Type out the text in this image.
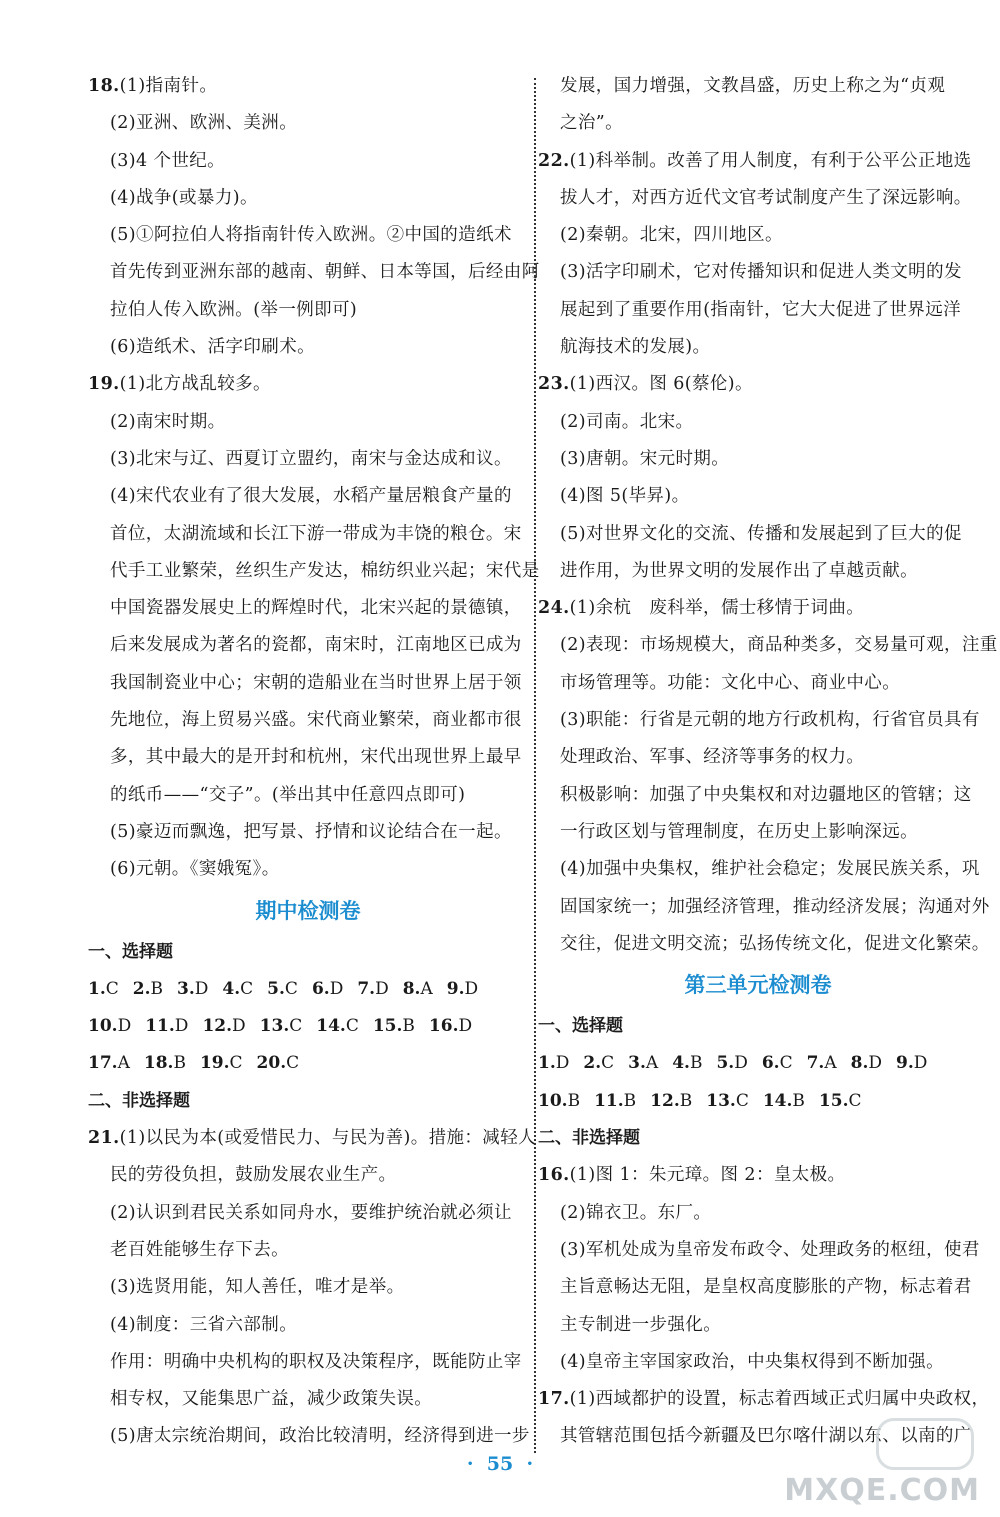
18.(1)指南针。
(2)亚洲、欧洲、美洲。
(3)4 个世纪。
(4)战争(或暴力)。
(5)①阿拉伯人将指南针传入欧洲。②中国的造纸术
首先传到亚洲东部的越南、朝鲜、日本等国，后经由阿
拉伯人传入欧洲。(举一例即可)
(6)造纸术、活字印刷术。
19.(1)北方战乱较多。
(2)南宋时期。
(3)北宋与辽、西夏订立盟约，南宋与金达成和议。
(4)宋代农业有了很大发展，水稻产量居粮食产量的
首位，太湖流域和长江下游一带成为丰饶的粮仓。宋
代手工业繁荣，丝织生产发达，棉纺织业兴起；宋代是
中国瓷器发展史上的辉煌时代，北宋兴起的景德镇，
后来发展成为著名的瓷都，南宋时，江南地区已成为
我国制瓷业中心；宋朝的造船业在当时世界上居于领
先地位，海上贸易兴盛。宋代商业繁荣，商业都市很
多，其中最大的是开封和杭州，宋代出现世界上最早
的纸币——“交子”。(举出其中任意四点即可)
(5)豪迈而飘逸，把写景、抒情和议论结合在一起。
(6)元朝。《窦娥冤》。
期中检测卷
一、选择题
1.C 2.B 3.D 4.C 5.C 6.D 7.D 8.A 9.D
10.D 11.D 12.D 13.C 14.C 15.B 16.D
17.A 18.B 19.C 20.C
二、非选择题
21.(1)以民为本(或爱惜民力、与民为善)。措施：减轻人
民的劳役负担，鼓励发展农业生产。
(2)认识到君民关系如同舟水，要维护统治就必须让
老百姓能够生存下去。
(3)选贤用能，知人善任，唯才是举。
(4)制度：三省六部制。
作用：明确中央机构的职权及决策程序，既能防止宰
相专权，又能集思广益，减少政策失误。
(5)唐太宗统治期间，政治比较清明，经济得到进一步
发展，国力增强，文教昌盛，历史上称之为“贞观
之治”。
22.(1)科举制。改善了用人制度，有利于公平公正地选
拔人才，对西方近代文官考试制度产生了深远影响。
(2)秦朝。北宋，四川地区。
(3)活字印刷术，它对传播知识和促进人类文明的发
展起到了重要作用(指南针，它大大促进了世界远洋
航海技术的发展)。
23.(1)西汉。图 6(蔡伦)。
(2)司南。北宋。
(3)唐朝。宋元时期。
(4)图 5(毕昇)。
(5)对世界文化的交流、传播和发展起到了巨大的促
进作用，为世界文明的发展作出了卓越贡献。
24.(1)余杭　废科举，儒士移情于词曲。
(2)表现：市场规模大，商品种类多，交易量可观，注重
市场管理等。功能：文化中心、商业中心。
(3)职能：行省是元朝的地方行政机构，行省官员具有
处理政治、军事、经济等事务的权力。
积极影响：加强了中央集权和对边疆地区的管辖；这
一行政区划与管理制度，在历史上影响深远。
(4)加强中央集权，维护社会稳定；发展民族关系，巩
固国家统一；加强经济管理，推动经济发展；沟通对外
交往，促进文明交流；弘扬传统文化，促进文化繁荣。
第三单元检测卷
一、选择题
1.D 2.C 3.A 4.B 5.D 6.C 7.A 8.D 9.D
10.B 11.B 12.B 13.C 14.B 15.C
二、非选择题
16.(1)图 1：朱元璋。图 2：皇太极。
(2)锦衣卫。东厂。
(3)军机处成为皇帝发布政令、处理政务的枢纽，使君
主旨意畅达无阻，是皇权高度膨胀的产物，标志着君
主专制进一步强化。
(4)皇帝主宰国家政治，中央集权得到不断加强。
17.(1)西域都护的设置，标志着西域正式归属中央政权，
其管辖范围包括今新疆及巴尔喀什湖以东、以南的广
·  55  ·
MXQE.COM
